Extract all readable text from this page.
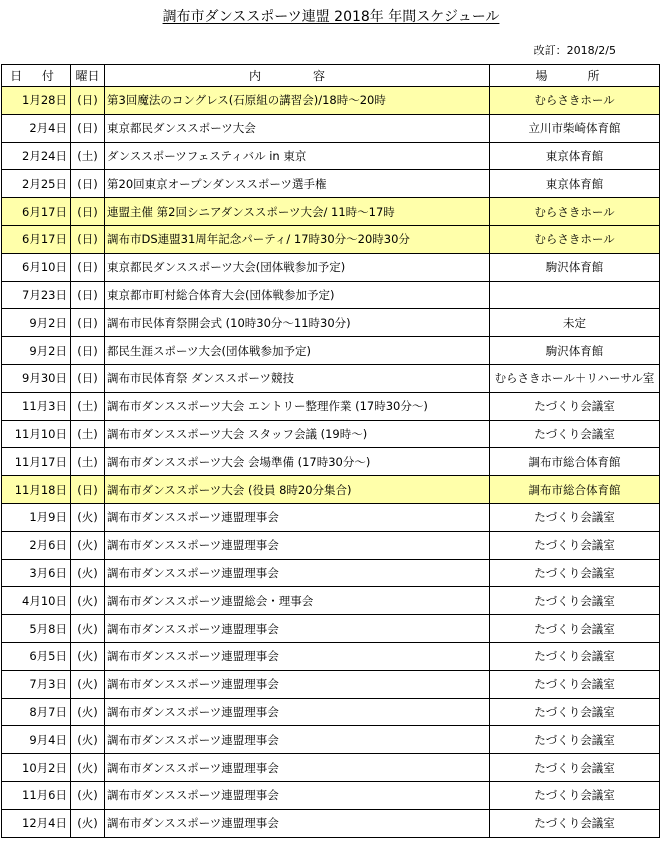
調布市ダンススポーツ連盟 2018年 年間スケジュール
改訂：2018/2/5
日 付	曜日	内　容	場　所
1月28日	(日)	第3回魔法のコングレス(石原組の講習会)/18時～20時	むらさきホール
2月4日	(日)	東京都民ダンススポーツ大会	立川市柴崎体育館
2月24日	(土)	ダンススポーツフェスティバル in 東京	東京体育館
2月25日	(日)	第20回東京オープンダンススポーツ選手権	東京体育館
6月17日	(日)	連盟主催 第2回シニアダンススポーツ大会/ 11時～17時	むらさきホール
6月17日	(日)	調布市DS連盟31周年記念パーティ/ 17時30分～20時30分	むらさきホール
6月10日	(日)	東京都民ダンススポーツ大会(団体戦参加予定)	駒沢体育館
7月23日	(日)	東京都市町村総合体育大会(団体戦参加予定)	
9月2日	(日)	調布市民体育祭開会式 (10時30分～11時30分)	未定
9月2日	(日)	都民生涯スポーツ大会(団体戦参加予定)	駒沢体育館
9月30日	(日)	調布市民体育祭 ダンススポーツ競技	むらさきホール＋リハーサル室
11月3日	(土)	調布市ダンススポーツ大会 エントリー整理作業 (17時30分～)	たづくり会議室
11月10日	(土)	調布市ダンススポーツ大会 スタッフ会議 (19時～)	たづくり会議室
11月17日	(土)	調布市ダンススポーツ大会 会場準備 (17時30分～)	調布市総合体育館
11月18日	(日)	調布市ダンススポーツ大会 (役員 8時20分集合)	調布市総合体育館
1月9日	(火)	調布市ダンススポーツ連盟理事会	たづくり会議室
2月6日	(火)	調布市ダンススポーツ連盟理事会	たづくり会議室
3月6日	(火)	調布市ダンススポーツ連盟理事会	たづくり会議室
4月10日	(火)	調布市ダンススポーツ連盟総会・理事会	たづくり会議室
5月8日	(火)	調布市ダンススポーツ連盟理事会	たづくり会議室
6月5日	(火)	調布市ダンススポーツ連盟理事会	たづくり会議室
7月3日	(火)	調布市ダンススポーツ連盟理事会	たづくり会議室
8月7日	(火)	調布市ダンススポーツ連盟理事会	たづくり会議室
9月4日	(火)	調布市ダンススポーツ連盟理事会	たづくり会議室
10月2日	(火)	調布市ダンススポーツ連盟理事会	たづくり会議室
11月6日	(火)	調布市ダンススポーツ連盟理事会	たづくり会議室
12月4日	(火)	調布市ダンススポーツ連盟理事会	たづくり会議室
